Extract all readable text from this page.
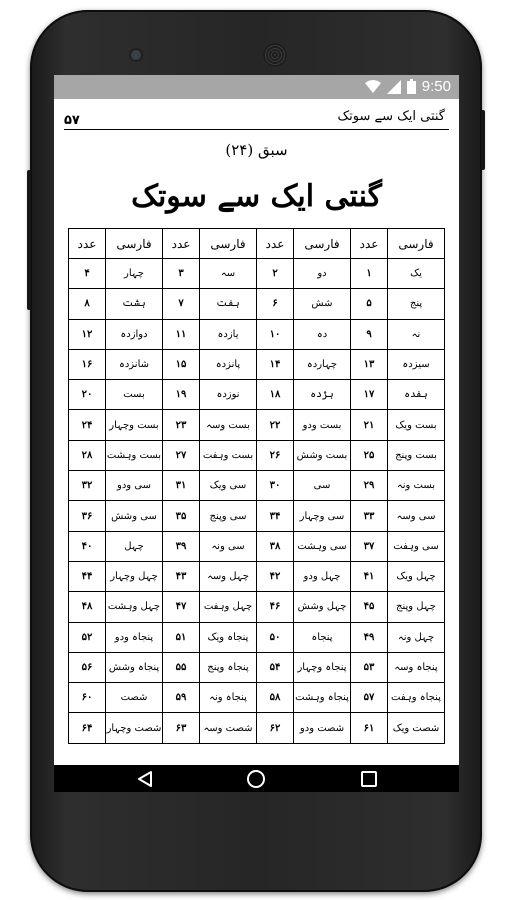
9:50
۵۷	گنتی ایک سے سوتک
سبق (۲۴)
گنتی ایک سے سوتک
فارسی	عدد	فارسی	عدد	فارسی	عدد	فارسی	عدد
یک	۱	دو	۲	سہ	۳	چہار	۴
پنج	۵	شش	۶	ہفت	۷	ہشت	۸
نہ	۹	دہ	۱۰	یازدہ	۱۱	دوازدہ	۱۲
سیزدہ	۱۳	چہاردہ	۱۴	پانزدہ	۱۵	شانزدہ	۱۶
ہفدہ	۱۷	ہژدہ	۱۸	نوزدہ	۱۹	بست	۲۰
بست ویک	۲۱	بست ودو	۲۲	بست وسہ	۲۳	بست وچہار	۲۴
بست وپنج	۲۵	بست وشش	۲۶	بست وہفت	۲۷	بست وہشت	۲۸
بست ونہ	۲۹	سی	۳۰	سی ویک	۳۱	سی ودو	۳۲
سی وسہ	۳۳	سی وچہار	۳۴	سی وپنج	۳۵	سی وشش	۳۶
سی وہفت	۳۷	سی وہشت	۳۸	سی ونہ	۳۹	چہل	۴۰
چہل ویک	۴۱	چہل ودو	۴۲	چہل وسہ	۴۳	چہل وچہار	۴۴
چہل وپنج	۴۵	چہل وشش	۴۶	چہل وہفت	۴۷	چہل وہشت	۴۸
چہل ونہ	۴۹	پنجاہ	۵۰	پنجاہ ویک	۵۱	پنجاہ ودو	۵۲
پنجاہ وسہ	۵۳	پنجاہ وچہار	۵۴	پنجاہ وپنج	۵۵	پنجاہ وشش	۵۶
پنجاہ وہفت	۵۷	پنجاہ وہشت	۵۸	پنجاہ ونہ	۵۹	شصت	۶۰
شصت ویک	۶۱	شصت ودو	۶۲	شصت وسہ	۶۳	شصت وچہار	۶۴
